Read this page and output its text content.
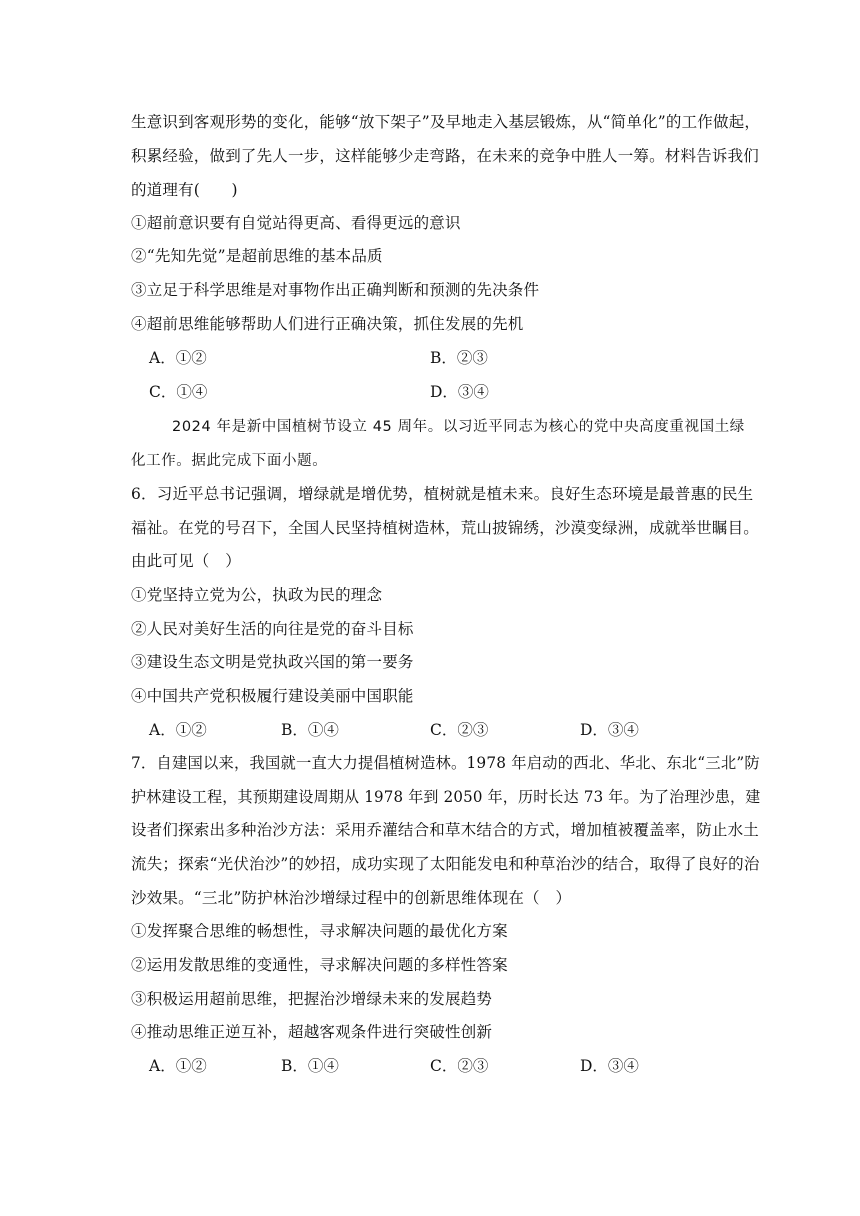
生意识到客观形势的变化，能够“放下架子”及早地走入基层锻炼，从“简单化”的工作做起，
积累经验，做到了先人一步，这样能够少走弯路，在未来的竞争中胜人一筹。材料告诉我们
的道理有(　　)
①超前意识要有自觉站得更高、看得更远的意识
②“先知先觉”是超前思维的基本品质
③立足于科学思维是对事物作出正确判断和预测的先决条件
④超前思维能够帮助人们进行正确决策，抓住发展的先机
A．①②	B．②③
C．①④	D．③④
2024 年是新中国植树节设立 45 周年。以习近平同志为核心的党中央高度重视国土绿
化工作。据此完成下面小题。
6．习近平总书记强调，增绿就是增优势，植树就是植未来。良好生态环境是最普惠的民生
福祉。在党的号召下，全国人民坚持植树造林，荒山披锦绣，沙漠变绿洲，成就举世瞩目。
由此可见（　）
①党坚持立党为公，执政为民的理念
②人民对美好生活的向往是党的奋斗目标
③建设生态文明是党执政兴国的第一要务
④中国共产党积极履行建设美丽中国职能
A．①②	B．①④	C．②③	D．③④
7．自建国以来，我国就一直大力提倡植树造林。1978 年启动的西北、华北、东北“三北”防
护林建设工程，其预期建设周期从 1978 年到 2050 年，历时长达 73 年。为了治理沙患，建
设者们探索出多种治沙方法：采用乔灌结合和草木结合的方式，增加植被覆盖率，防止水土
流失；探索“光伏治沙”的妙招，成功实现了太阳能发电和种草治沙的结合，取得了良好的治
沙效果。“三北”防护林治沙增绿过程中的创新思维体现在（　）
①发挥聚合思维的畅想性，寻求解决问题的最优化方案
②运用发散思维的变通性，寻求解决问题的多样性答案
③积极运用超前思维，把握治沙增绿未来的发展趋势
④推动思维正逆互补，超越客观条件进行突破性创新
A．①②	B．①④	C．②③	D．③④
